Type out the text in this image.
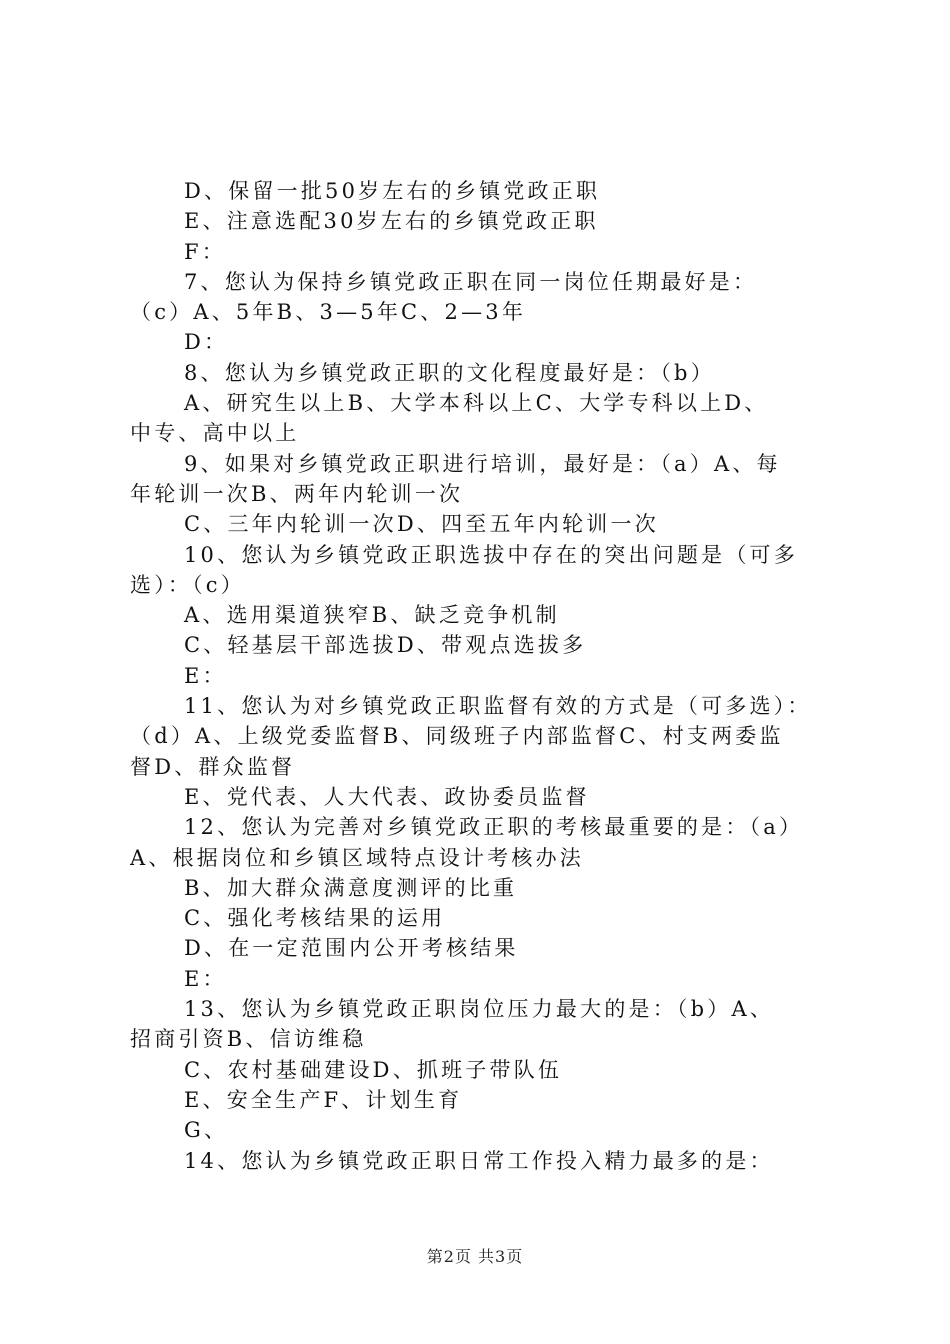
D、保留一批50岁左右的乡镇党政正职
E、注意选配30岁左右的乡镇党政正职
F：
7、您认为保持乡镇党政正职在同一岗位任期最好是：
（c）A、5年B、3—5年C、2—3年
D：
8、您认为乡镇党政正职的文化程度最好是：（b）
A、研究生以上B、大学本科以上C、大学专科以上D、
中专、高中以上
9、如果对乡镇党政正职进行培训，最好是：（a）A、每
年轮训一次B、两年内轮训一次
C、三年内轮训一次D、四至五年内轮训一次
10、您认为乡镇党政正职选拔中存在的突出问题是（可多
选）：（c）
A、选用渠道狭窄B、缺乏竞争机制
C、轻基层干部选拔D、带观点选拔多
E：
11、您认为对乡镇党政正职监督有效的方式是（可多选）：
（d）A、上级党委监督B、同级班子内部监督C、村支两委监
督D、群众监督
E、党代表、人大代表、政协委员监督
12、您认为完善对乡镇党政正职的考核最重要的是：（a）
A、根据岗位和乡镇区域特点设计考核办法
B、加大群众满意度测评的比重
C、强化考核结果的运用
D、在一定范围内公开考核结果
E：
13、您认为乡镇党政正职岗位压力最大的是：（b）A、
招商引资B、信访维稳
C、农村基础建设D、抓班子带队伍
E、安全生产F、计划生育
G、
14、您认为乡镇党政正职日常工作投入精力最多的是：
第2页 共3页
